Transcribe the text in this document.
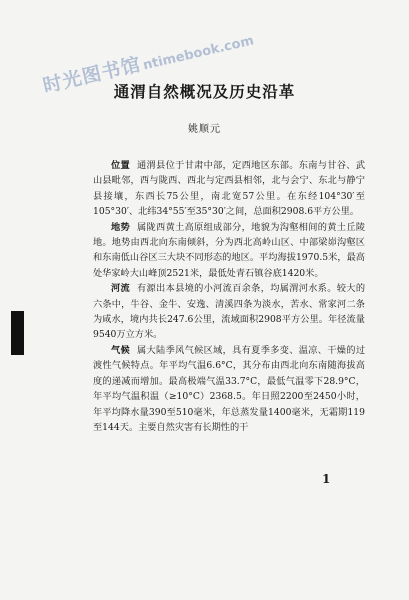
时光图书馆ntimebook.com
通渭自然概况及历史沿革
姚顺元

位置 通渭县位于甘肃中部，定西地区东部。东南与甘谷、武山县毗邻，西与陇西、西北与定西县相邻，北与会宁、东北与静宁县接壤，东西长75公里，南北宽57公里。在东经104°30′至105°30′、北纬34°55′至35°30′之间，总面积2908.6平方公里。

地势 属陇西黄土高原组成部分，地貌为沟壑相间的黄土丘陵地。地势由西北向东南倾斜，分为西北高岭山区、中部梁峁沟壑区和东南低山谷区三大块不同形态的地区。平均海拔1970.5米，最高处华家岭大山峰顶2521米，最低处青石镇谷底1420米。

河流 有源出本县境的小河流百余条，均属渭河水系。较大的六条中，牛谷、金牛、安逸、清溪四条为淡水，苦水、常家河二条为咸水，境内共长247.6公里，流域面积2908平方公里。年径流量9540万立方米。

气候 属大陆季风气候区域，具有夏季多变、温凉、干燥的过渡性气候特点。年平均气温6.6°C，其分布由西北向东南随海拔高度的递减而增加。最高极端气温33.7°C，最低气温零下28.9°C，年平均气温积温（≥10°C）2368.5。年日照2200至2450小时，年平均降水量390至510毫米，年总蒸发量1400毫米，无霜期119至144天。主要自然灾害有长期性的干

1
